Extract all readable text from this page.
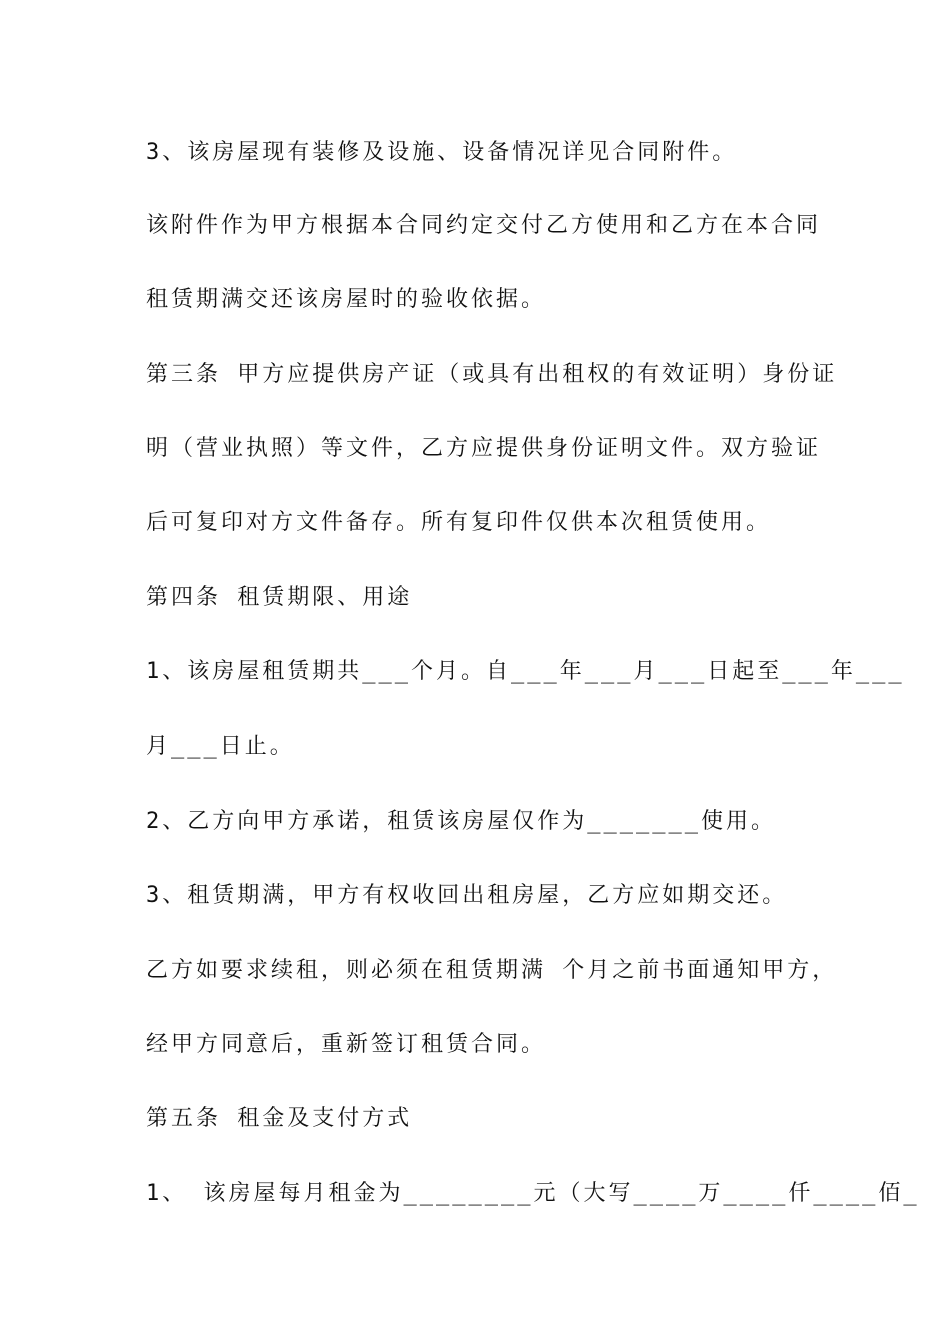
3、该房屋现有装修及设施、设备情况详见合同附件。
该附件作为甲方根据本合同约定交付乙方使用和乙方在本合同
租赁期满交还该房屋时的验收依据。
第三条 甲方应提供房产证（或具有出租权的有效证明）身份证
明（营业执照）等文件，乙方应提供身份证明文件。双方验证
后可复印对方文件备存。所有复印件仅供本次租赁使用。
第四条 租赁期限、用途
1、该房屋租赁期共___个月。自___年___月___日起至___年___
月___日止。
2、乙方向甲方承诺，租赁该房屋仅作为_______使用。
3、租赁期满，甲方有权收回出租房屋，乙方应如期交还。
乙方如要求续租，则必须在租赁期满 个月之前书面通知甲方，
经甲方同意后，重新签订租赁合同。
第五条 租金及支付方式
1、 该房屋每月租金为________元（大写____万____仟____佰_
